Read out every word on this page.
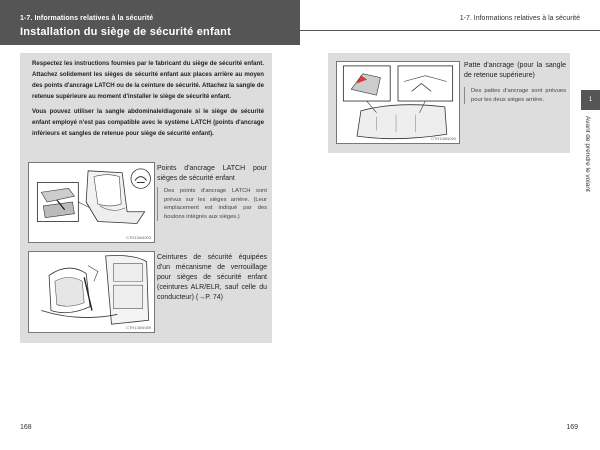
1-7. Informations relatives à la sécurité
Installation du siège de sécurité enfant
1-7. Informations relatives à la sécurité

Respectez les instructions fournies par le fabricant du siège de sécurité enfant. Attachez solidement les sièges de sécurité enfant aux places arrière au moyen des points d'ancrage LATCH ou de la ceinture de sécurité. Attachez la sangle de retenue supérieure au moment d'installer le siège de sécurité enfant.

Vous pouvez utiliser la sangle abdominale/diagonale si le siège de sécurité enfant employé n'est pas compatible avec le système LATCH (points d'ancrage inférieurs et sangles de retenue pour siège de sécurité enfant).

CTH13AN003
Points d'ancrage LATCH pour sièges de sécurité enfant
Des points d'ancrage LATCH sont prévus sur les sièges arrière. (Leur emplacement est indiqué par des boutons intégrés aux sièges.)
CTH13AN089
Ceintures de sécurité équipées d'un mécanisme de verrouillage pour sièges de sécurité enfant (ceintures ALR/ELR, sauf celle du conducteur) (→P. 74)
CTH13AN090
Patte d'ancrage (pour la sangle de retenue supérieure)
Des pattes d'ancrage sont prévues pour les deux sièges arrière.	1
Avant de prendre le volant
168	169
